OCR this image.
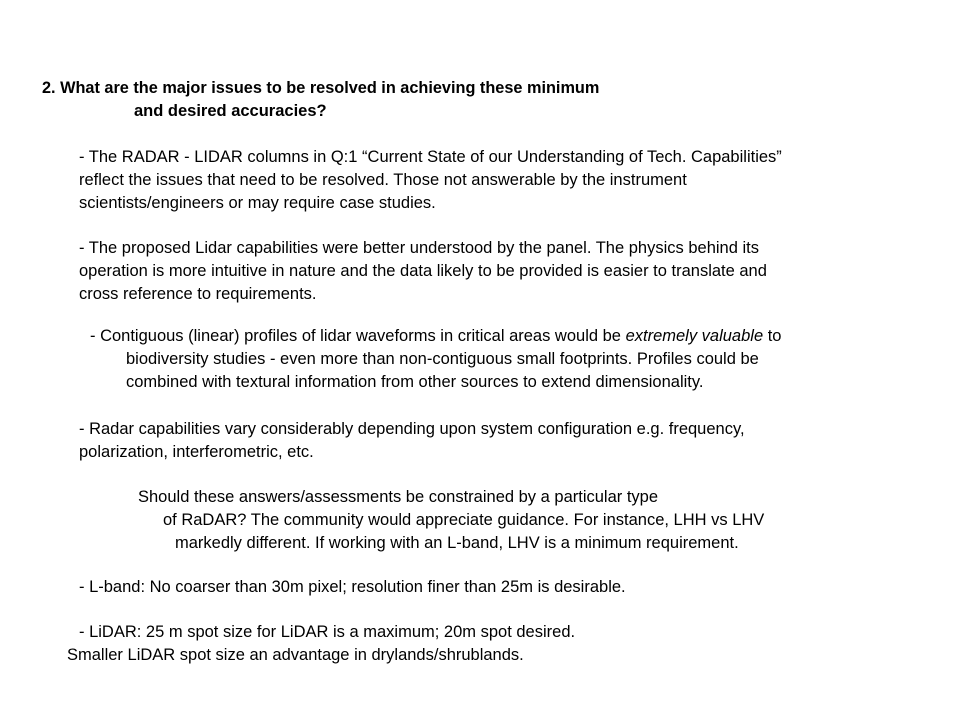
2. What are the major issues to be resolved in achieving these minimum

and desired accuracies?

- The RADAR - LIDAR columns in Q:1 “Current State of our Understanding of Tech. Capabilities”

reflect the issues that need to be resolved. Those not answerable by the instrument

scientists/engineers or may require case studies.

- The proposed Lidar capabilities were better understood by the panel. The physics behind its

operation is more intuitive in nature and the data likely to be provided is easier to translate and

cross reference to requirements.

- Contiguous (linear) profiles of lidar waveforms in critical areas would be extremely valuable to

biodiversity studies - even more than non-contiguous small footprints. Profiles could be

combined with textural information from other sources to extend dimensionality.

- Radar capabilities vary considerably depending upon system configuration e.g. frequency,

polarization, interferometric, etc.

Should these answers/assessments be constrained by a particular type

of RaDAR? The community would appreciate guidance. For instance, LHH vs LHV

markedly different. If working with an L-band, LHV is a minimum requirement.

- L-band: No coarser than 30m pixel; resolution finer than 25m is desirable.

- LiDAR: 25 m spot size for LiDAR is a maximum; 20m spot desired.

Smaller LiDAR spot size an advantage in drylands/shrublands.
